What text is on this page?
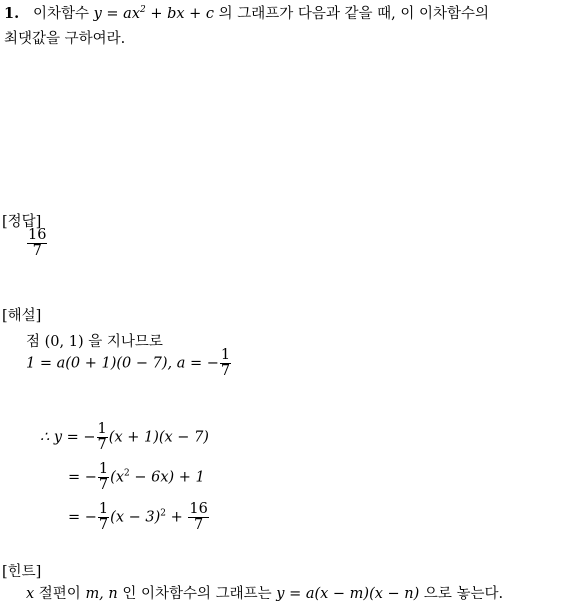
1. 이차함수 $y = ax^2$ + bx + c 의 그래프가 다음과 같을 때, 이 이차함수의
최댓값을 구하여라.
[정답]
$\frac{16}{7}$
[해설]
점 (0, 1) 을 지나므로
1 = a(0 + 1)(0 − 7), a = − $\frac{1}{7}$
∴ y = − $\frac{1}{7} (x + 1)(x - 7)$
= − $\frac{1}{7} (x^2 - 6x) + 1$
= − $\frac{1}{7} (x - 3)^2 + \frac{16}{7}$
[힌트]
x 절편이 m, n 인 이차함수의 그래프는 y = a(x − m)(x − n) 으로 놓는다.
